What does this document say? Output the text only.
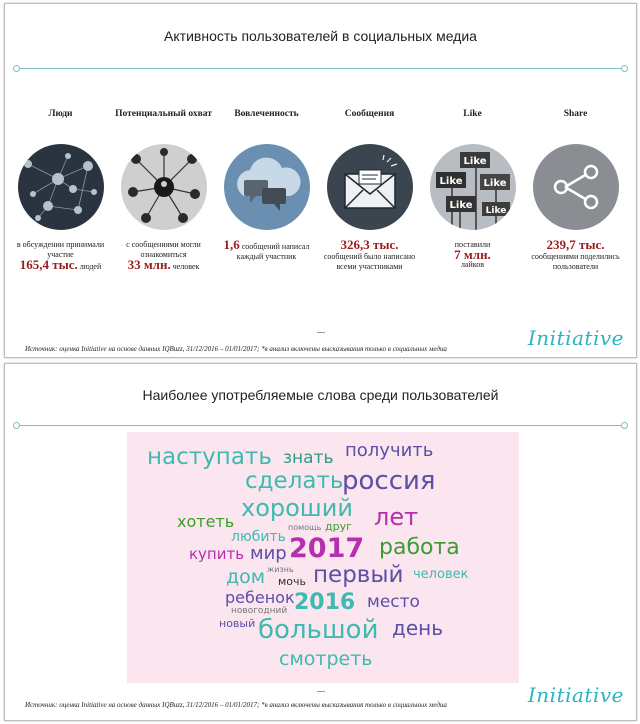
Активность пользователей в социальных медиа
Люди
в обсуждении принимали участие
165,4 тыс. людей
Потенциальный охват
с сообщениями могли ознакомиться
33 млн. человек
Вовлеченность
1,6 сообщений написал каждый участник
Сообщения
326,3 тыс.
сообщений было написано всеми участниками
Like
Like
Like Like
Like Like
поставили
7 млн.
лайков
Share
239,7 тыс.
сообщениями поделились пользователи
Источник: оценка Initiative на основе данных IQBuzz, 31/12/2016 – 01/01/2017; *в анализ включены высказывания только в социальных медиа	Initiative
Наиболее употребляемые слова среди пользователей
наступать знать получить
сделать
россия
хороший
хотеть	лет
помощь друг
любить 2017 работа
купить мир
жизнь
дом мочь первый человек
ребенок
новогодний 2016 место
новый большой день
смотреть
Источник: оценка Initiative на основе данных IQBuzz, 31/12/2016 – 01/01/2017; *в анализ включены высказывания только в социальных медиа	Initiative
